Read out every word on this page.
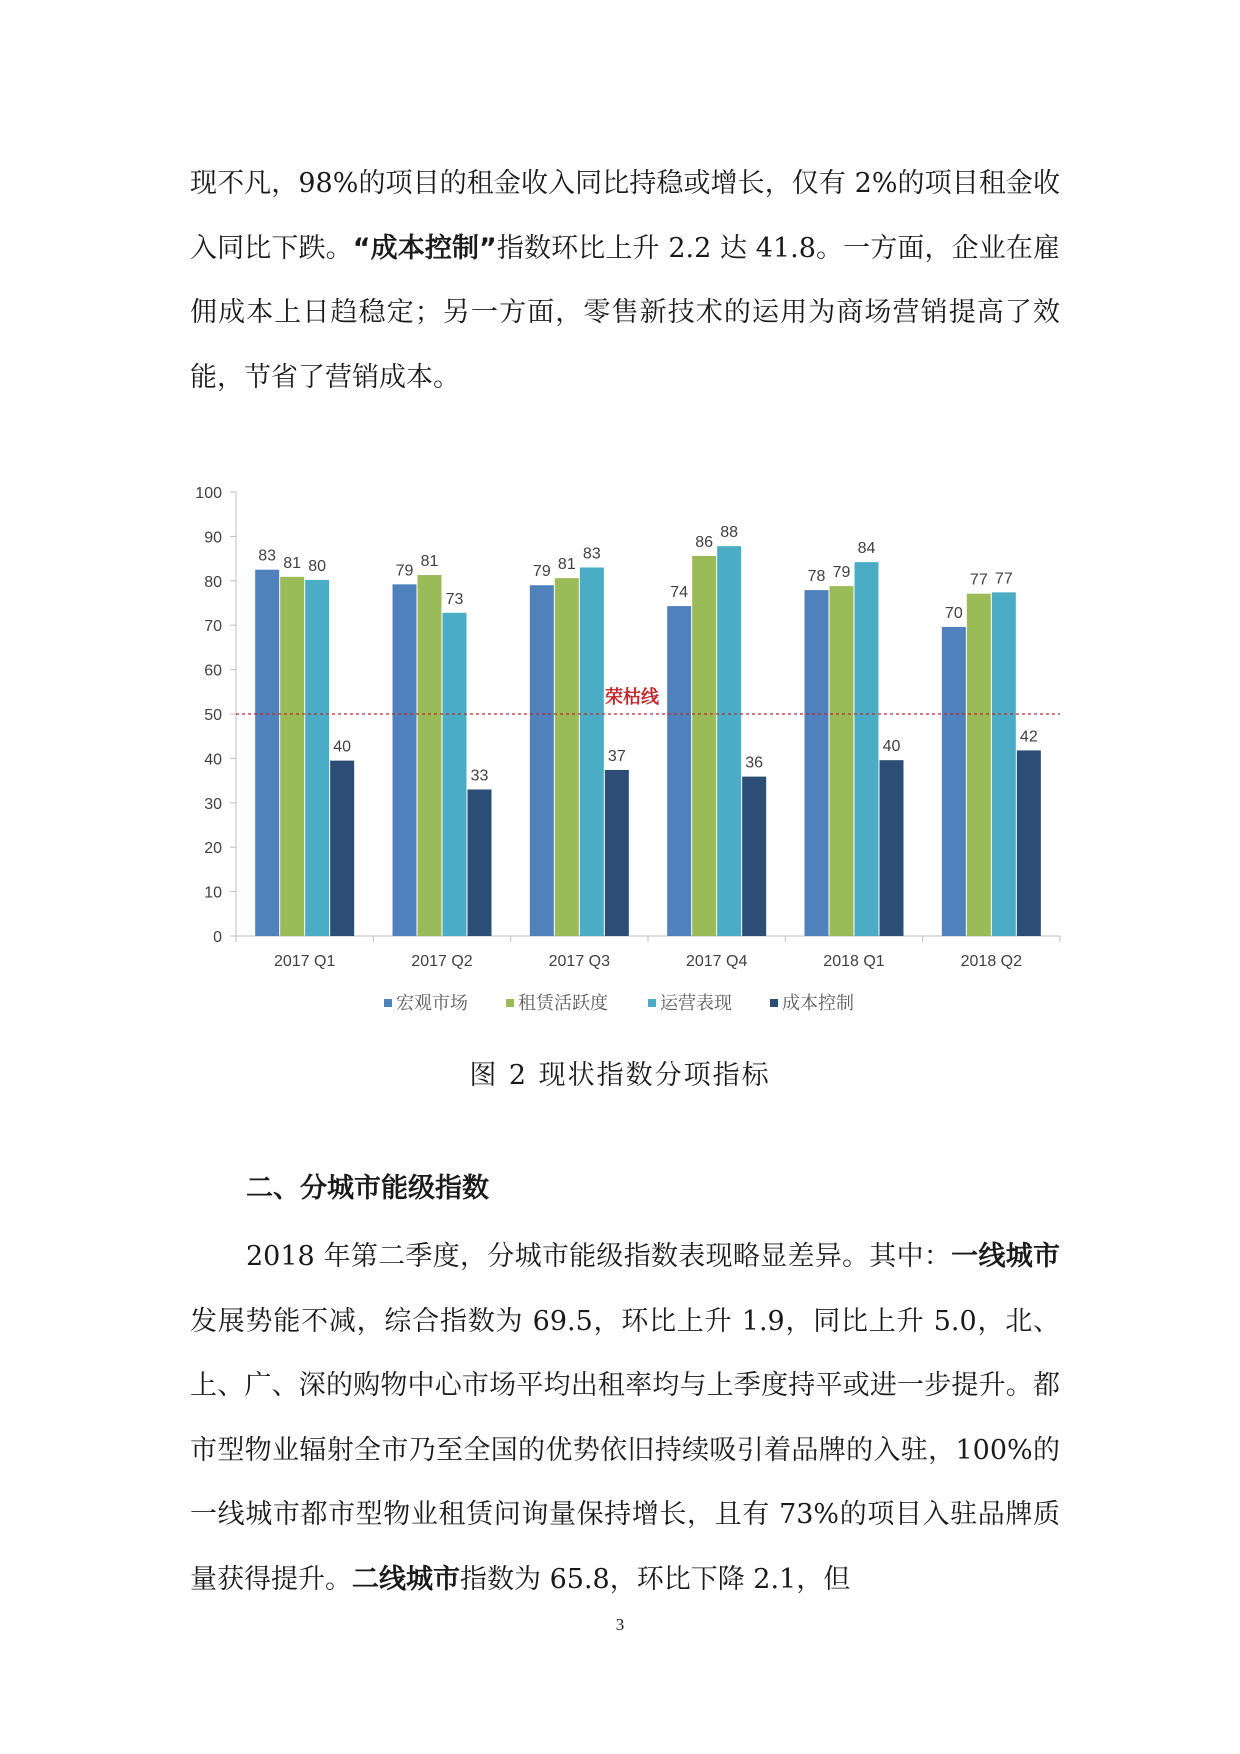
现不凡，98%的项目的租金收入同比持稳或增长，仅有 2%的项目租金收入同比下跌。“成本控制”指数环比上升 2.2 达 41.8。一方面，企业在雇佣成本上日趋稳定；另一方面，零售新技术的运用为商场营销提高了效能，节省了营销成本。

0
10
20
30
40
50
60
70
80
90
100
2017 Q1
83 81 80
40
2017 Q2
79
81
73
33
2017 Q3
79 81
83
37
2017 Q4
74
86
88
36
2018 Q1
78 79
84
40
2018 Q2
70
77 77
42
荣枯线
宏观市场	租赁活跃度	运营表现	成本控制
图 2 现状指数分项指标
二、分城市能级指数

2018 年第二季度，分城市能级指数表现略显差异。其中：一线城市发展势能不减，综合指数为 69.5，环比上升 1.9，同比上升 5.0，北、上、广、深的购物中心市场平均出租率均与上季度持平或进一步提升。都市型物业辐射全市乃至全国的优势依旧持续吸引着品牌的入驻，100%的一线城市都市型物业租赁问询量保持增长，且有 73%的项目入驻品牌质量获得提升。二线城市指数为 65.8，环比下降 2.1，但

3
